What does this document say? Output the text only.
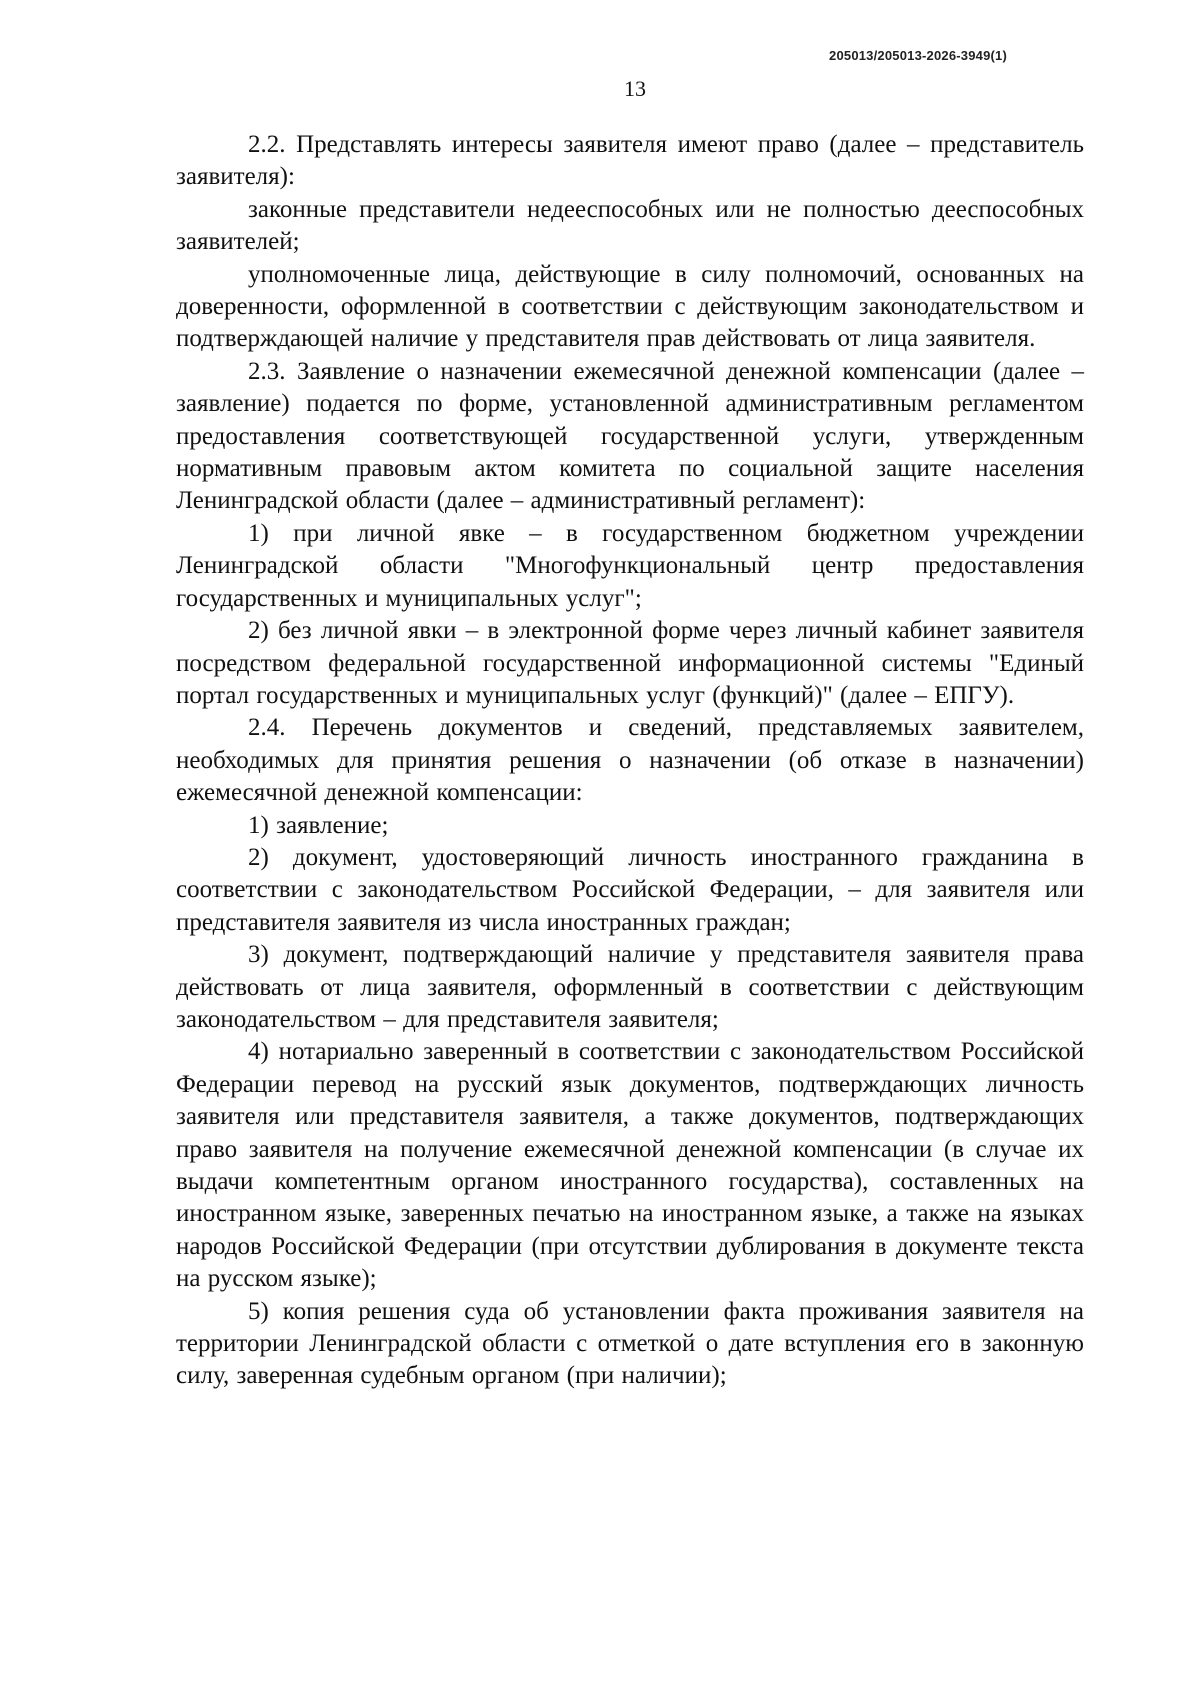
205013/205013-2026-3949(1)
13

2.2. Представлять интересы заявителя имеют право (далее – представитель заявителя):

законные представители недееспособных или не полностью дееспособных заявителей;

уполномоченные лица, действующие в силу полномочий, основанных на доверенности, оформленной в соответствии с действующим законодательством и подтверждающей наличие у представителя прав действовать от лица заявителя.

2.3. Заявление о назначении ежемесячной денежной компенсации (далее – заявление) подается по форме, установленной административным регламентом предоставления соответствующей государственной услуги, утвержденным нормативным правовым актом комитета по социальной защите населения Ленинградской области (далее – административный регламент):

1) при личной явке – в государственном бюджетном учреждении Ленинградской области "Многофункциональный центр предоставления государственных и муниципальных услуг";

2) без личной явки – в электронной форме через личный кабинет заявителя посредством федеральной государственной информационной системы "Единый портал государственных и муниципальных услуг (функций)" (далее – ЕПГУ).

2.4. Перечень документов и сведений, представляемых заявителем, необходимых для принятия решения о назначении (об отказе в назначении) ежемесячной денежной компенсации:

1) заявление;

2) документ, удостоверяющий личность иностранного гражданина в соответствии с законодательством Российской Федерации, – для заявителя или представителя заявителя из числа иностранных граждан;

3) документ, подтверждающий наличие у представителя заявителя права действовать от лица заявителя, оформленный в соответствии с действующим законодательством – для представителя заявителя;

4) нотариально заверенный в соответствии с законодательством Российской Федерации перевод на русский язык документов, подтверждающих личность заявителя или представителя заявителя, а также документов, подтверждающих право заявителя на получение ежемесячной денежной компенсации (в случае их выдачи компетентным органом иностранного государства), составленных на иностранном языке, заверенных печатью на иностранном языке, а также на языках народов Российской Федерации (при отсутствии дублирования в документе текста на русском языке);

5) копия решения суда об установлении факта проживания заявителя на территории Ленинградской области с отметкой о дате вступления его в законную силу, заверенная судебным органом (при наличии);
